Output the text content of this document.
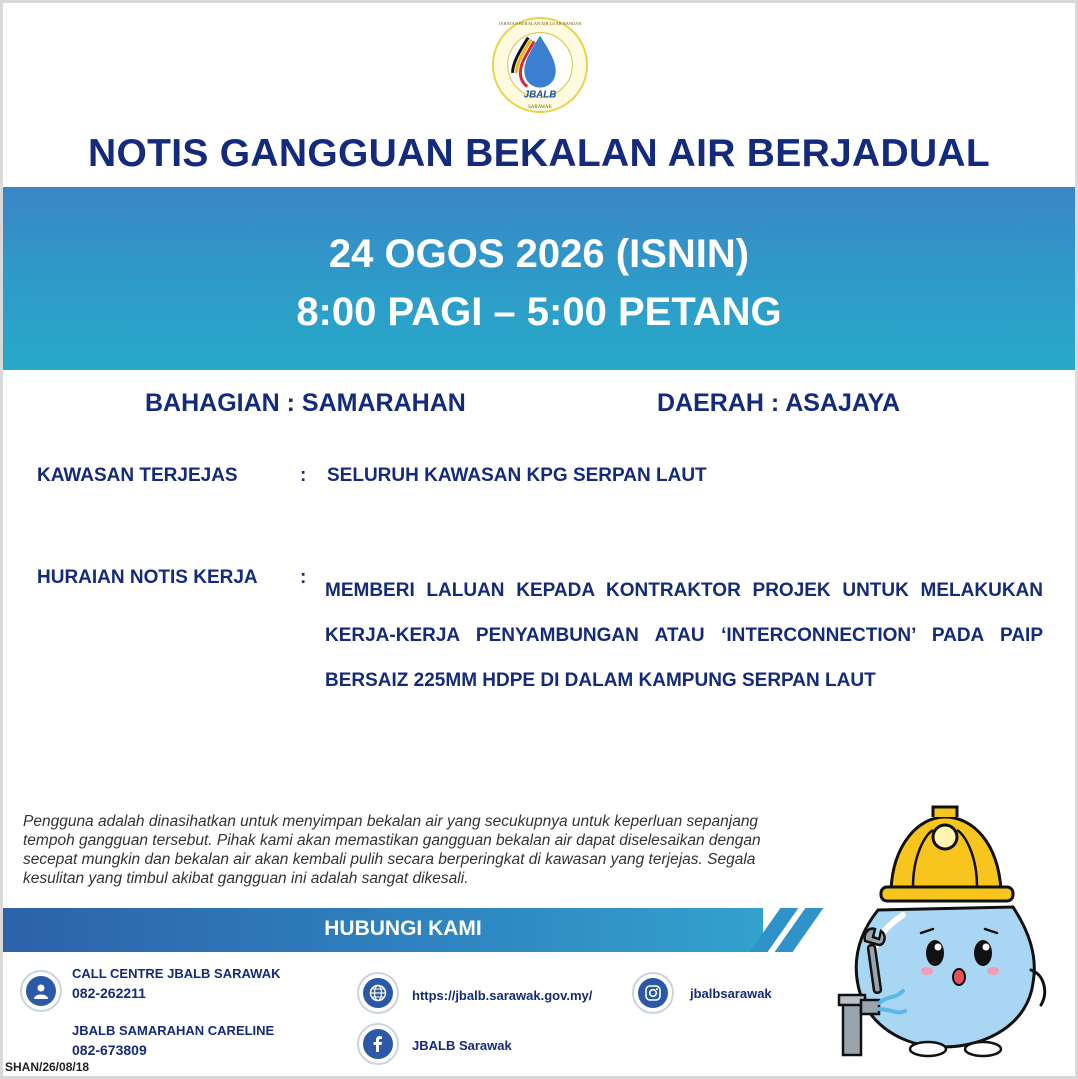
JBALB
SARAWAK
JABATAN BEKALAN AIR LUAR BANDAR
NOTIS GANGGUAN BEKALAN AIR BERJADUAL
24 OGOS 2026 (ISNIN)
8:00 PAGI – 5:00 PETANG
BAHAGIAN : SAMARAHAN	DAERAH : ASAJAYA
KAWASAN TERJEJAS	: SELURUH KAWASAN KPG SERPAN LAUT
HURAIAN NOTIS KERJA :
MEMBERI LALUAN KEPADA KONTRAKTOR PROJEK UNTUK MELAKUKAN KERJA-KERJA PENYAMBUNGAN ATAU ‘INTERCONNECTION’ PADA PAIP BERSAIZ 225MM HDPE DI DALAM KAMPUNG SERPAN LAUT
Pengguna adalah dinasihatkan untuk menyimpan bekalan air yang secukupnya untuk keperluan sepanjang tempoh gangguan tersebut. Pihak kami akan memastikan gangguan bekalan air dapat diselesaikan dengan secepat mungkin dan bekalan air akan kembali pulih secara berperingkat di kawasan yang terjejas. Segala kesulitan yang timbul akibat gangguan ini adalah sangat dikesali.
HUBUNGI KAMI
CALL CENTRE JBALB SARAWAK
082-262211
JBALB SAMARAHAN CARELINE
082-673809
https://jbalb.sarawak.gov.my/
JBALB Sarawak
jbalbsarawak
SHAN/26/08/18
